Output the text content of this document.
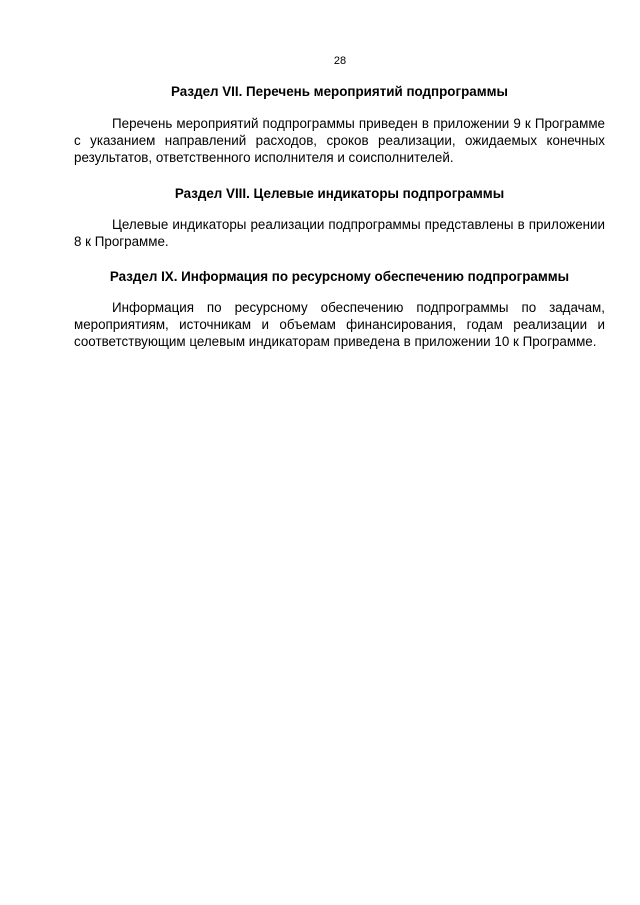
28
Раздел VII. Перечень мероприятий подпрограммы

Перечень мероприятий подпрограммы приведен в приложении 9 к Программе с указанием направлений расходов, сроков реализации, ожидаемых конечных результатов, ответственного исполнителя и соисполнителей.

Раздел VIII. Целевые индикаторы подпрограммы

Целевые индикаторы реализации подпрограммы представлены в приложении 8 к Программе.

Раздел IX. Информация по ресурсному обеспечению подпрограммы

Информация по ресурсному обеспечению подпрограммы по задачам, мероприятиям, источникам и объемам финансирования, годам реализации и соответствующим целевым индикаторам приведена в приложении 10 к Программе.
